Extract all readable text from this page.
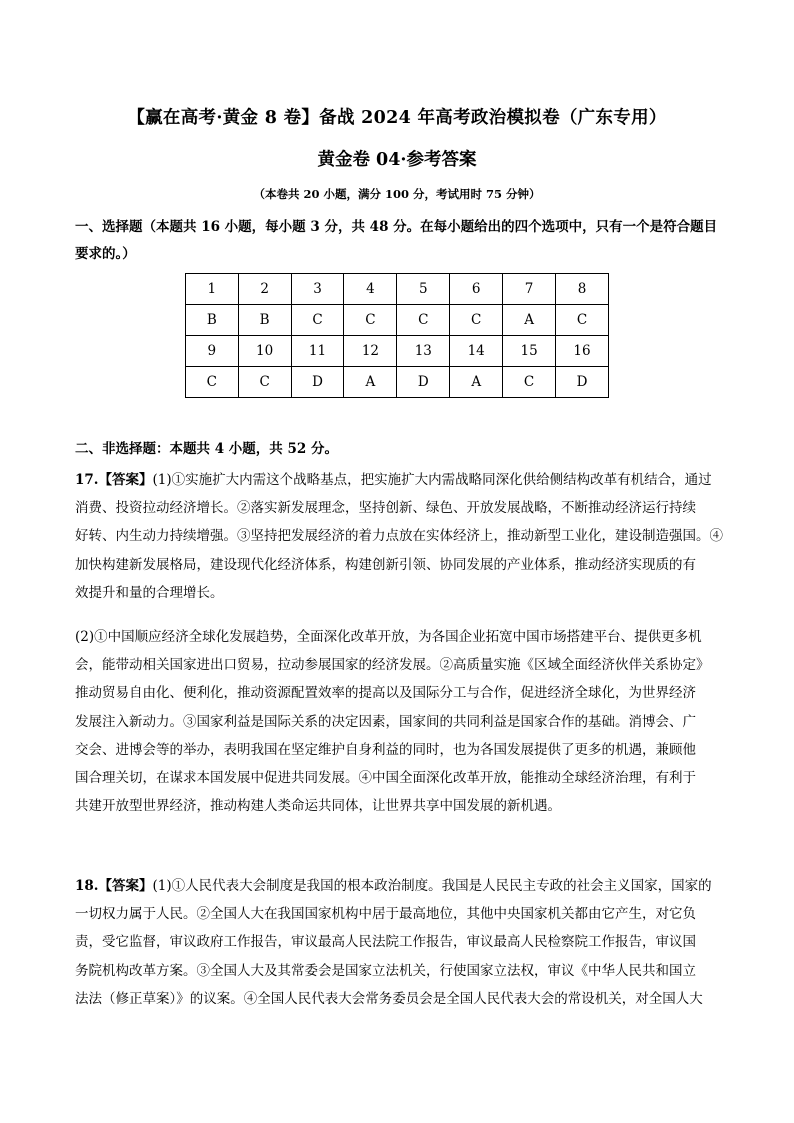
【赢在高考·黄金 8 卷】备战 2024 年高考政治模拟卷（广东专用）
黄金卷 04·参考答案
（本卷共 20 小题，满分 100 分，考试用时 75 分钟）
一、选择题（本题共 16 小题，每小题 3 分，共 48 分。在每小题给出的四个选项中，只有一个是符合题目
要求的。）
1	2	3	4	5	6	7	8
B	B	C	C	C	C	A	C
9	10	11	12	13	14	15	16
C	C	D	A	D	A	C	D
二、非选择题：本题共 4 小题，共 52 分。
17.【答案】(1)①实施扩大内需这个战略基点，把实施扩大内需战略同深化供给侧结构改革有机结合，通过
消费、投资拉动经济增长。②落实新发展理念，坚持创新、绿色、开放发展战略，不断推动经济运行持续
好转、内生动力持续增强。③坚持把发展经济的着力点放在实体经济上，推动新型工业化，建设制造强国。④
加快构建新发展格局，建设现代化经济体系，构建创新引领、协同发展的产业体系，推动经济实现质的有
效提升和量的合理增长。
(2)①中国顺应经济全球化发展趋势，全面深化改革开放，为各国企业拓宽中国市场搭建平台、提供更多机
会，能带动相关国家进出口贸易，拉动参展国家的经济发展。②高质量实施《区域全面经济伙伴关系协定》
推动贸易自由化、便利化，推动资源配置效率的提高以及国际分工与合作，促进经济全球化，为世界经济
发展注入新动力。③国家利益是国际关系的决定因素，国家间的共同利益是国家合作的基础。消博会、广
交会、进博会等的举办，表明我国在坚定维护自身利益的同时，也为各国发展提供了更多的机遇，兼顾他
国合理关切，在谋求本国发展中促进共同发展。④中国全面深化改革开放，能推动全球经济治理，有利于
共建开放型世界经济，推动构建人类命运共同体，让世界共享中国发展的新机遇。
18.【答案】(1)①人民代表大会制度是我国的根本政治制度。我国是人民民主专政的社会主义国家，国家的
一切权力属于人民。②全国人大在我国国家机构中居于最高地位，其他中央国家机关都由它产生，对它负
责，受它监督，审议政府工作报告，审议最高人民法院工作报告，审议最高人民检察院工作报告，审议国
务院机构改革方案。③全国人大及其常委会是国家立法机关，行使国家立法权，审议《中华人民共和国立
法法（修正草案）》的议案。④全国人民代表大会常务委员会是全国人民代表大会的常设机关，对全国人大
